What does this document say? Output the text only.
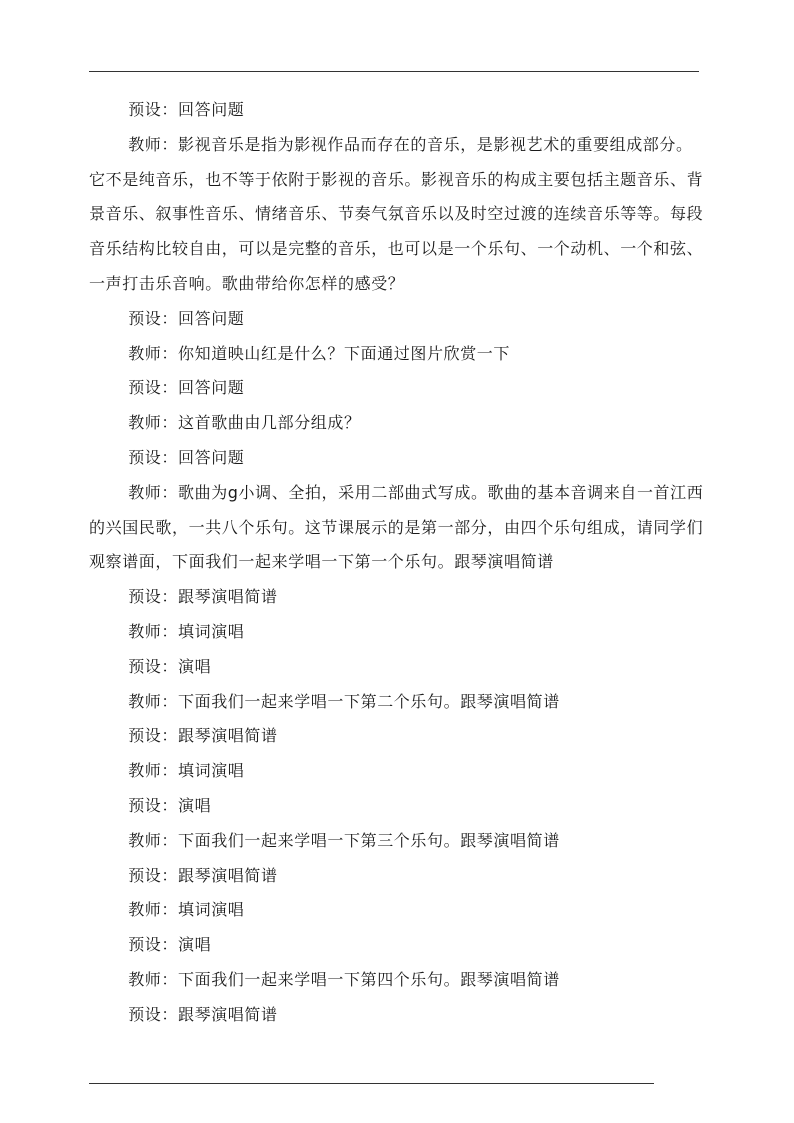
预设：回答问题

教师：影视音乐是指为影视作品而存在的音乐，是影视艺术的重要组成部分。它不是纯音乐，也不等于依附于影视的音乐。影视音乐的构成主要包括主题音乐、背景音乐、叙事性音乐、情绪音乐、节奏气氛音乐以及时空过渡的连续音乐等等。每段音乐结构比较自由，可以是完整的音乐，也可以是一个乐句、一个动机、一个和弦、一声打击乐音响。歌曲带给你怎样的感受？

预设：回答问题

教师：你知道映山红是什么？下面通过图片欣赏一下

预设：回答问题

教师：这首歌曲由几部分组成？

预设：回答问题

教师：歌曲为g小调、全拍，采用二部曲式写成。歌曲的基本音调来自一首江西的兴国民歌，一共八个乐句。这节课展示的是第一部分，由四个乐句组成，请同学们观察谱面，下面我们一起来学唱一下第一个乐句。跟琴演唱简谱

预设：跟琴演唱简谱

教师：填词演唱

预设：演唱

教师：下面我们一起来学唱一下第二个乐句。跟琴演唱简谱

预设：跟琴演唱简谱

教师：填词演唱

预设：演唱

教师：下面我们一起来学唱一下第三个乐句。跟琴演唱简谱

预设：跟琴演唱简谱

教师：填词演唱

预设：演唱

教师：下面我们一起来学唱一下第四个乐句。跟琴演唱简谱

预设：跟琴演唱简谱
